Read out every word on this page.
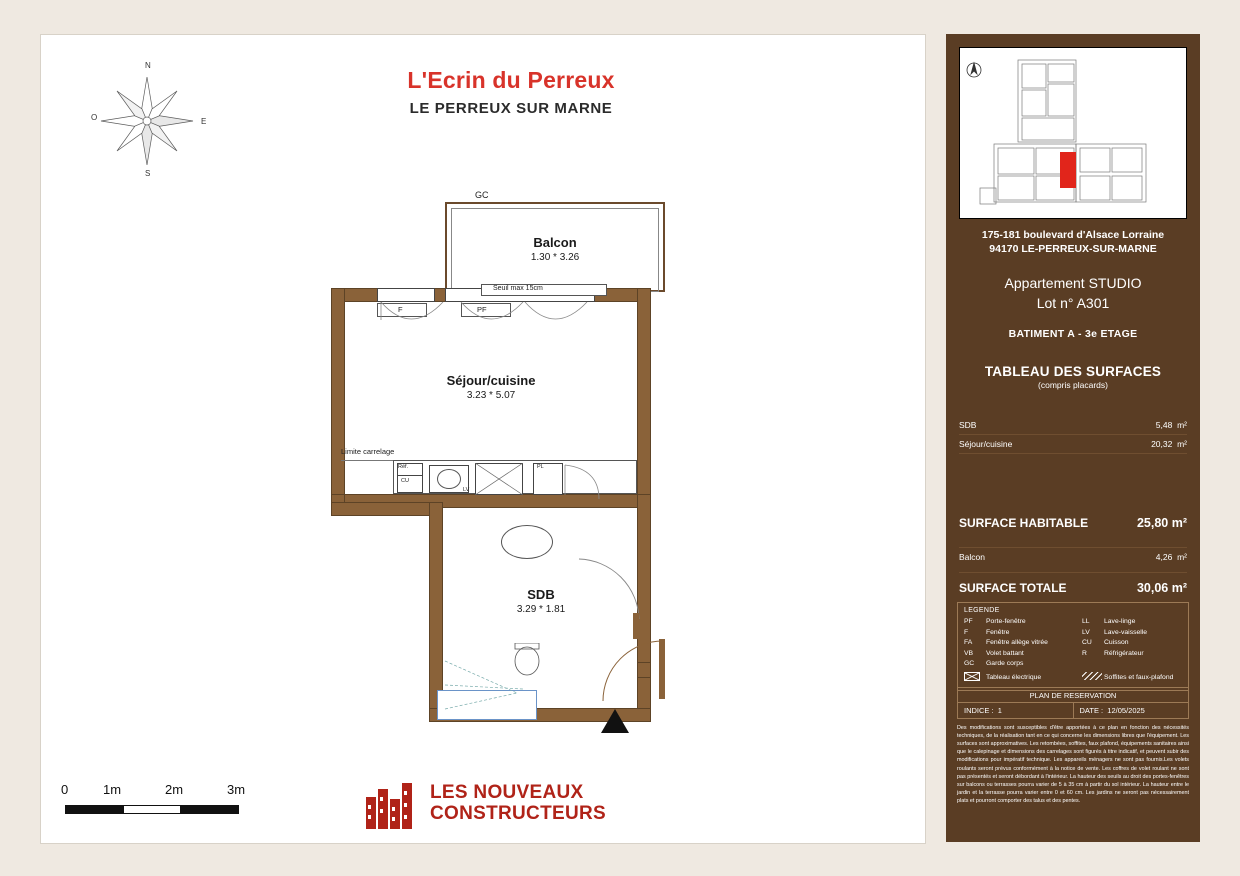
N
S
E
O
L'Ecrin du Perreux
LE PERREUX SUR MARNE
GC
Balcon
1.30 * 3.26
Seuil max 15cm
F	PF
Séjour/cuisine
3.23 * 5.07
Limite carrelage
Réf.
CU
LV
PL
SDB
3.29 * 1.81
0	1m	2m	3m	LES NOUVEAUX
CONSTRUCTEURS
175-181 boulevard d'Alsace Lorraine
94170 LE-PERREUX-SUR-MARNE
Appartement STUDIO
Lot n° A301
BATIMENT A - 3e ETAGE
TABLEAU DES SURFACES
(compris placards)
SDB	5,48 m²
Séjour/cuisine	20,32 m²
SURFACE HABITABLE	25,80 m²
Balcon	4,26 m²
SURFACE TOTALE	30,06 m²
LEGENDE
PF	Porte-fenêtre	LL	Lave-linge
F	Fenêtre	LV	Lave-vaisselle
FA	Fenêtre allège vitrée	CU	Cuisson
VB	Volet battant	R	Réfrigérateur
GC	Garde corps
Tableau électrique	Soffites et faux-plafond
PLAN DE RESERVATION
INDICE : 1	DATE : 12/05/2025
Des modifications sont susceptibles d'être apportées à ce plan en fonction des nécessités techniques, de la réalisation tant en ce qui concerne les dimensions libres que l'équipement. Les surfaces sont approximatives. Les retombées, soffites, faux plafond, équipements sanitaires ainsi que le calepinage et dimensions des carrelages sont figurés à titre indicatif, et peuvent subir des modifications pour impératif technique. Les appareils ménagers ne sont pas fournis.Les volets roulants seront prévus conformément à la notice de vente. Les coffres de volet roulant ne sont pas présentés et seront débordant à l'intérieur. La hauteur des seuils au droit des portes-fenêtres sur balcons ou terrasses pourra varier de 5 à 35 cm à partir du sol intérieur. La hauteur entre le jardin et la terrasse pourra varier entre 0 et 60 cm. Les jardins ne seront pas nécessairement plats et pourront comporter des talus et des pentes.
